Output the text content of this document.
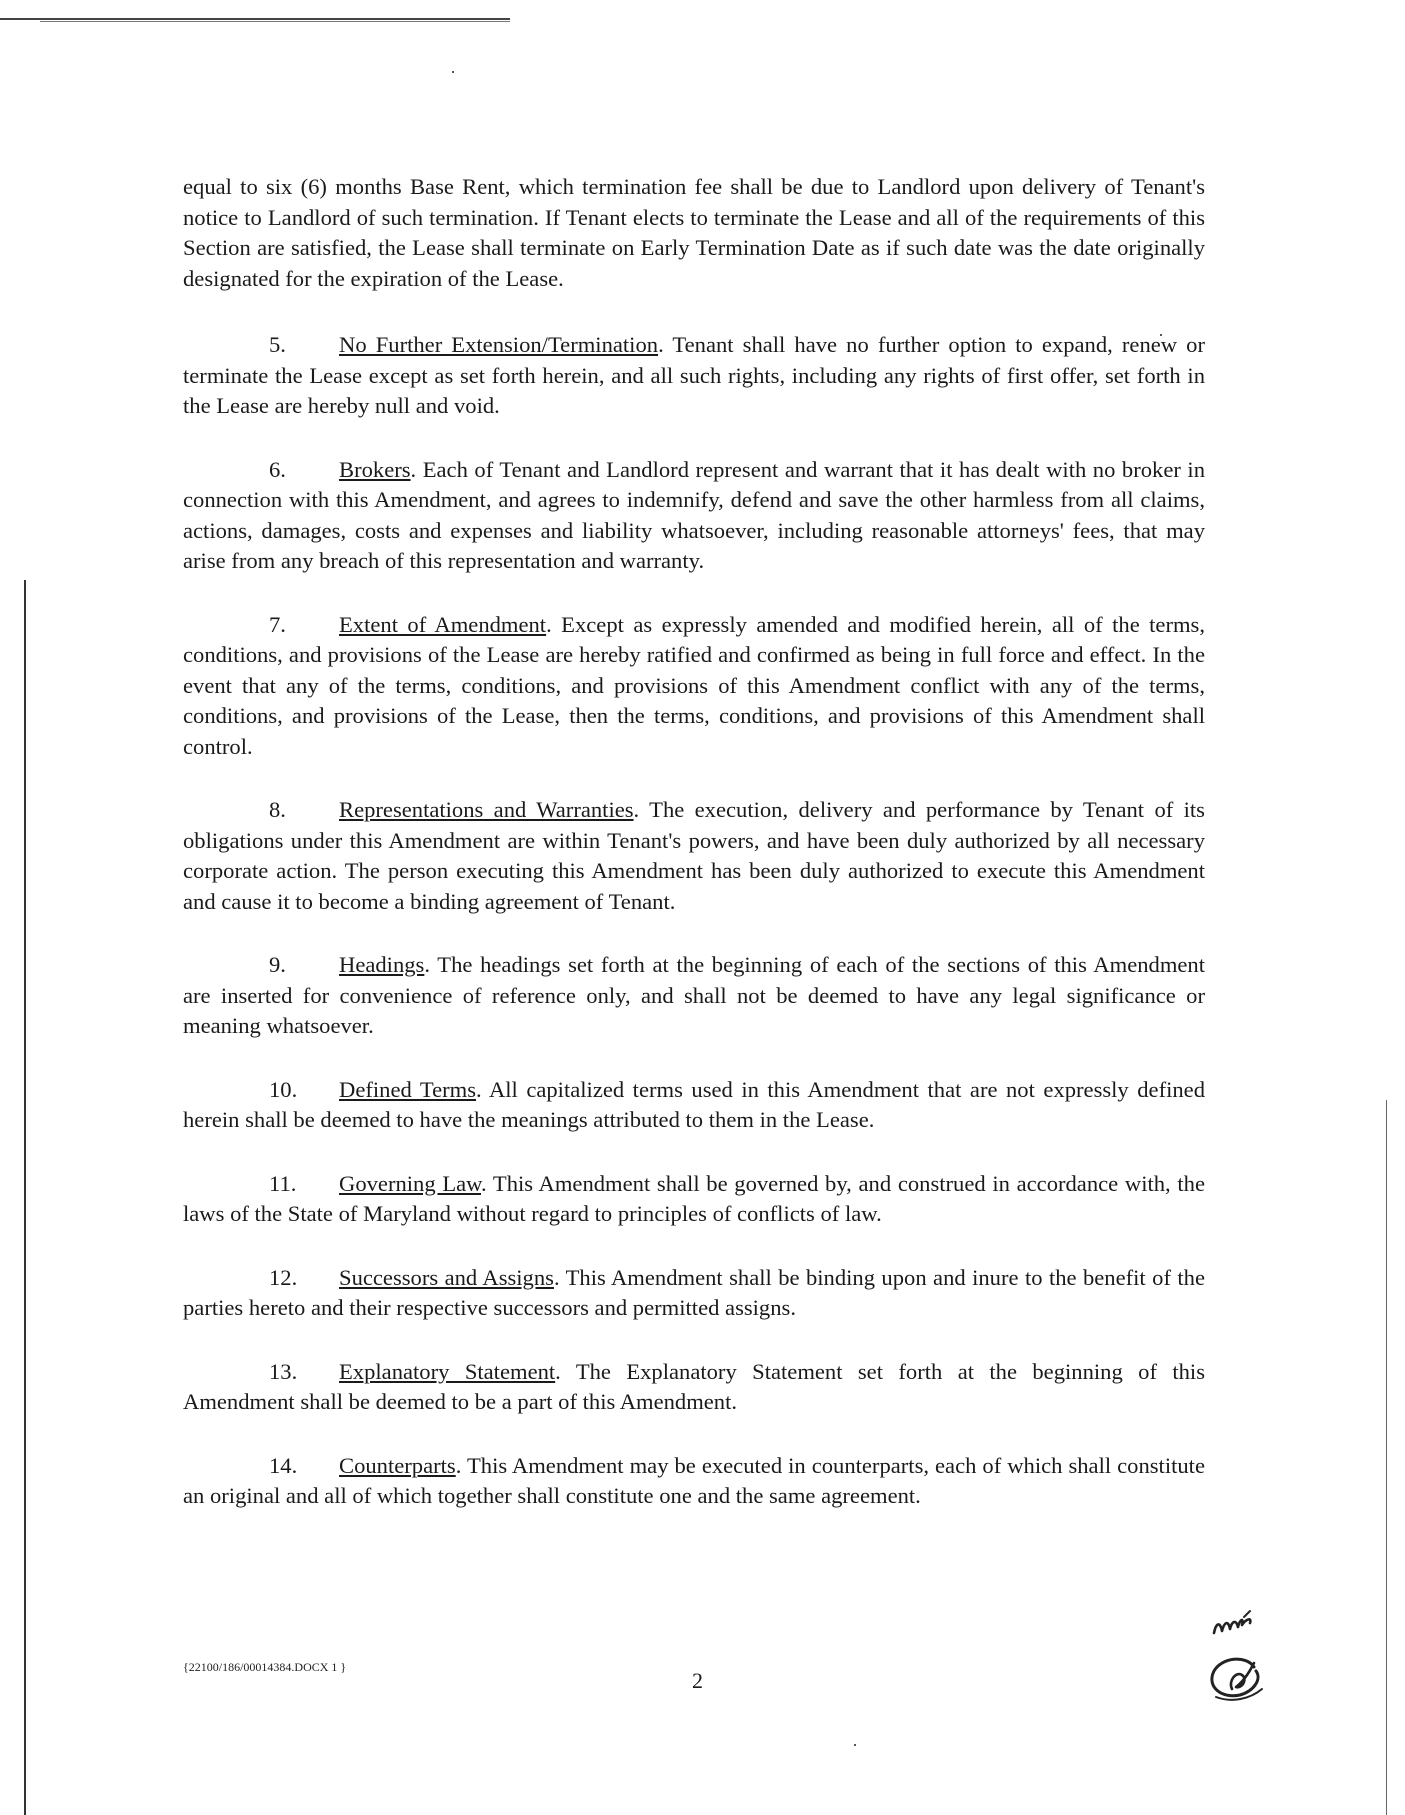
equal to six (6) months Base Rent, which termination fee shall be due to Landlord upon delivery of Tenant's notice to Landlord of such termination. If Tenant elects to terminate the Lease and all of the requirements of this Section are satisfied, the Lease shall terminate on Early Termination Date as if such date was the date originally designated for the expiration of the Lease.

5. No Further Extension/Termination. Tenant shall have no further option to expand, renew or terminate the Lease except as set forth herein, and all such rights, including any rights of first offer, set forth in the Lease are hereby null and void.

6. Brokers. Each of Tenant and Landlord represent and warrant that it has dealt with no broker in connection with this Amendment, and agrees to indemnify, defend and save the other harmless from all claims, actions, damages, costs and expenses and liability whatsoever, including reasonable attorneys' fees, that may arise from any breach of this representation and warranty.

7. Extent of Amendment. Except as expressly amended and modified herein, all of the terms, conditions, and provisions of the Lease are hereby ratified and confirmed as being in full force and effect. In the event that any of the terms, conditions, and provisions of this Amendment conflict with any of the terms, conditions, and provisions of the Lease, then the terms, conditions, and provisions of this Amendment shall control.

8. Representations and Warranties. The execution, delivery and performance by Tenant of its obligations under this Amendment are within Tenant's powers, and have been duly authorized by all necessary corporate action. The person executing this Amendment has been duly authorized to execute this Amendment and cause it to become a binding agreement of Tenant.

9. Headings. The headings set forth at the beginning of each of the sections of this Amendment are inserted for convenience of reference only, and shall not be deemed to have any legal significance or meaning whatsoever.

10. Defined Terms. All capitalized terms used in this Amendment that are not expressly defined herein shall be deemed to have the meanings attributed to them in the Lease.

11. Governing Law. This Amendment shall be governed by, and construed in accordance with, the laws of the State of Maryland without regard to principles of conflicts of law.

12. Successors and Assigns. This Amendment shall be binding upon and inure to the benefit of the parties hereto and their respective successors and permitted assigns.

13. Explanatory Statement. The Explanatory Statement set forth at the beginning of this Amendment shall be deemed to be a part of this Amendment.

14. Counterparts. This Amendment may be executed in counterparts, each of which shall constitute an original and all of which together shall constitute one and the same agreement.

{22100/186/00014384.DOCX 1 }
2
